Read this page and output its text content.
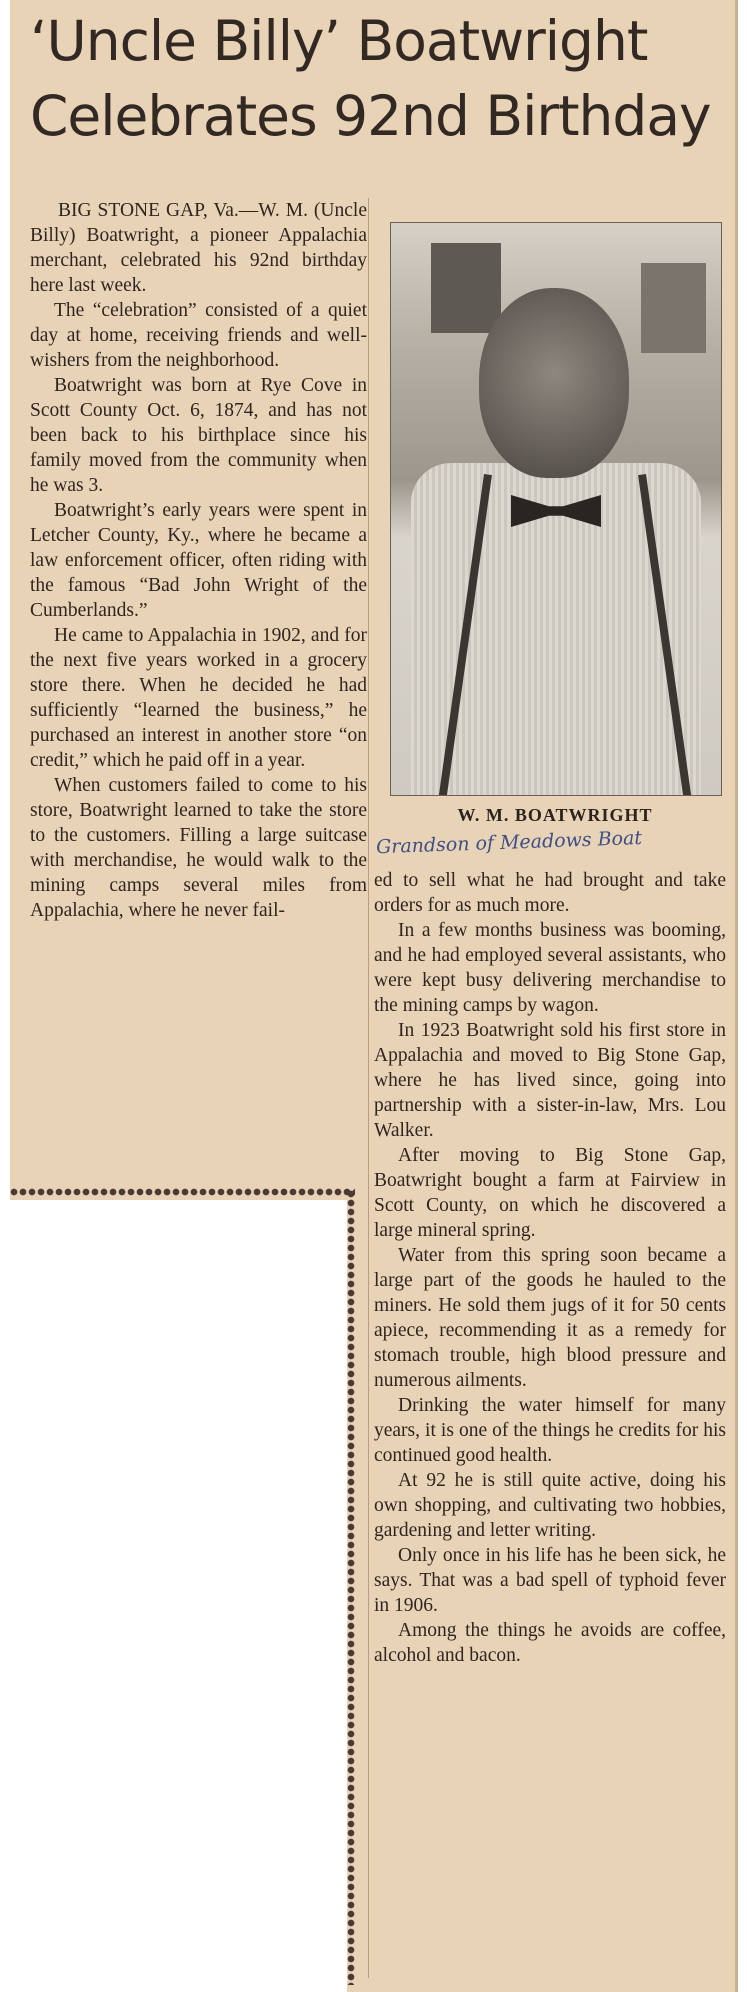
‘Uncle Billy’ Boatwright
Celebrates 92nd Birthday

BIG STONE GAP, Va.—W. M. (Uncle Billy) Boatwright, a pioneer Appalachia merchant, celebrated his 92nd birthday here last week.

The “celebration” consisted of a quiet day at home, receiving friends and well-wishers from the neighborhood.

Boatwright was born at Rye Cove in Scott County Oct. 6, 1874, and has not been back to his birthplace since his family moved from the community when he was 3.

Boatwright’s early years were spent in Letcher County, Ky., where he became a law enforcement officer, often riding with the famous “Bad John Wright of the Cumberlands.”

He came to Appalachia in 1902, and for the next five years worked in a grocery store there. When he decided he had sufficiently “learned the business,” he purchased an interest in another store “on credit,” which he paid off in a year.

When customers failed to come to his store, Boatwright learned to take the store to the customers. Filling a large suitcase with merchandise, he would walk to the mining camps several miles from Appalachia, where he never fail-

W. M. BOATWRIGHT
Grandson of Meadows Boat

ed to sell what he had brought and take orders for as much more.

In a few months business was booming, and he had employed several assistants, who were kept busy delivering merchandise to the mining camps by wagon.

In 1923 Boatwright sold his first store in Appalachia and moved to Big Stone Gap, where he has lived since, going into partnership with a sister-in-law, Mrs. Lou Walker.

After moving to Big Stone Gap, Boatwright bought a farm at Fairview in Scott County, on which he discovered a large mineral spring.

Water from this spring soon became a large part of the goods he hauled to the miners. He sold them jugs of it for 50 cents apiece, recommending it as a remedy for stomach trouble, high blood pressure and numerous ailments.

Drinking the water himself for many years, it is one of the things he credits for his continued good health.

At 92 he is still quite active, doing his own shopping, and cultivating two hobbies, gardening and letter writing.

Only once in his life has he been sick, he says. That was a bad spell of typhoid fever in 1906.

Among the things he avoids are coffee, alcohol and bacon.
